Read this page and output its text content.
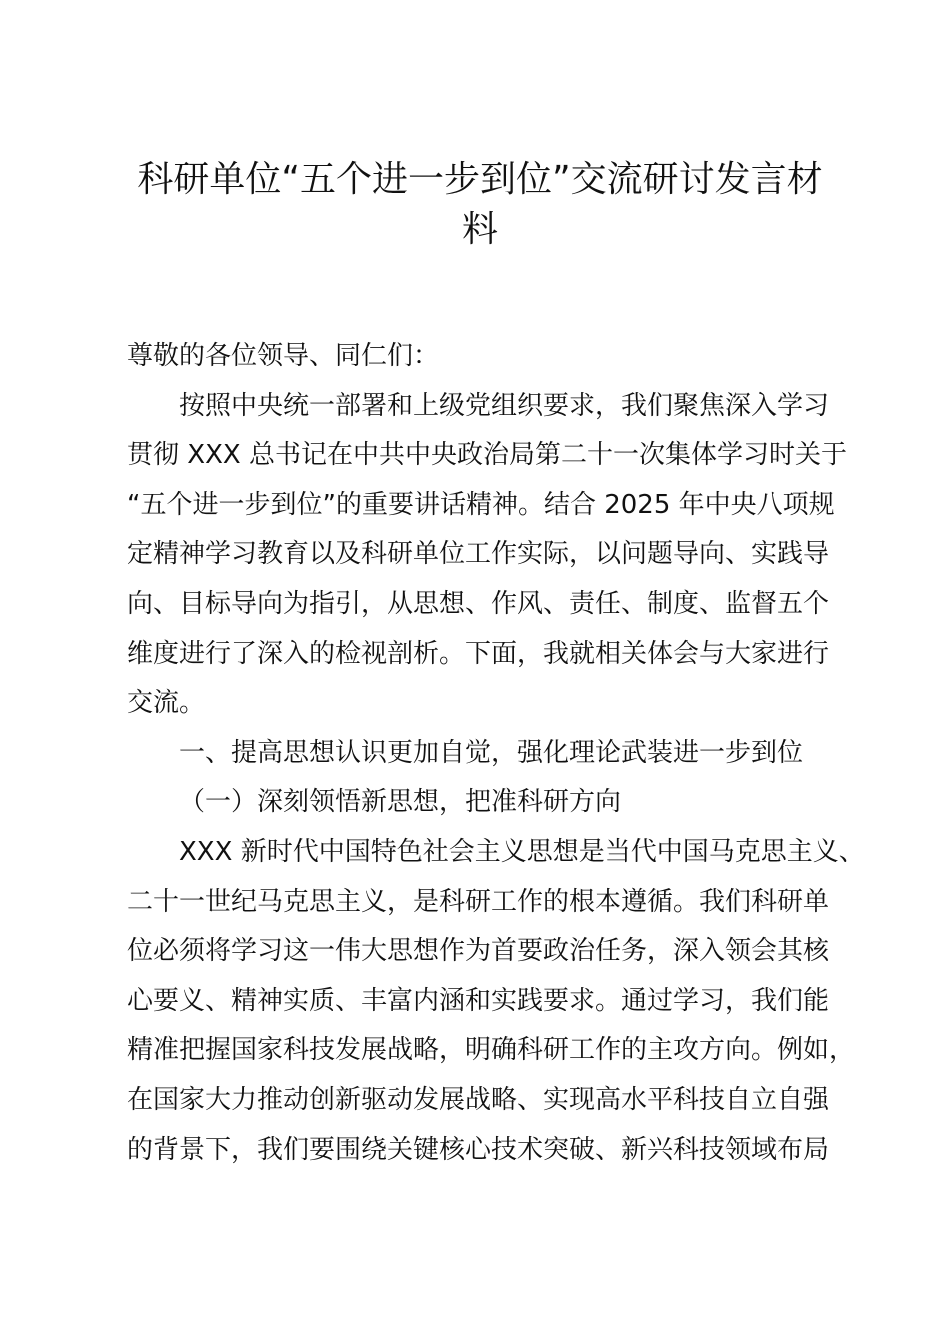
科研单位“五个进一步到位”交流研讨发言材
料
尊敬的各位领导、同仁们：
按照中央统一部署和上级党组织要求，我们聚焦深入学习
贯彻 XXX 总书记在中共中央政治局第二十一次集体学习时关于
“五个进一步到位”的重要讲话精神。结合 2025 年中央八项规
定精神学习教育以及科研单位工作实际，以问题导向、实践导
向、目标导向为指引，从思想、作风、责任、制度、监督五个
维度进行了深入的检视剖析。下面，我就相关体会与大家进行
交流。
一、提高思想认识更加自觉，强化理论武装进一步到位
（一）深刻领悟新思想，把准科研方向
XXX 新时代中国特色社会主义思想是当代中国马克思主义、
二十一世纪马克思主义，是科研工作的根本遵循。我们科研单
位必须将学习这一伟大思想作为首要政治任务，深入领会其核
心要义、精神实质、丰富内涵和实践要求。通过学习，我们能
精准把握国家科技发展战略，明确科研工作的主攻方向。例如，
在国家大力推动创新驱动发展战略、实现高水平科技自立自强
的背景下，我们要围绕关键核心技术突破、新兴科技领域布局
